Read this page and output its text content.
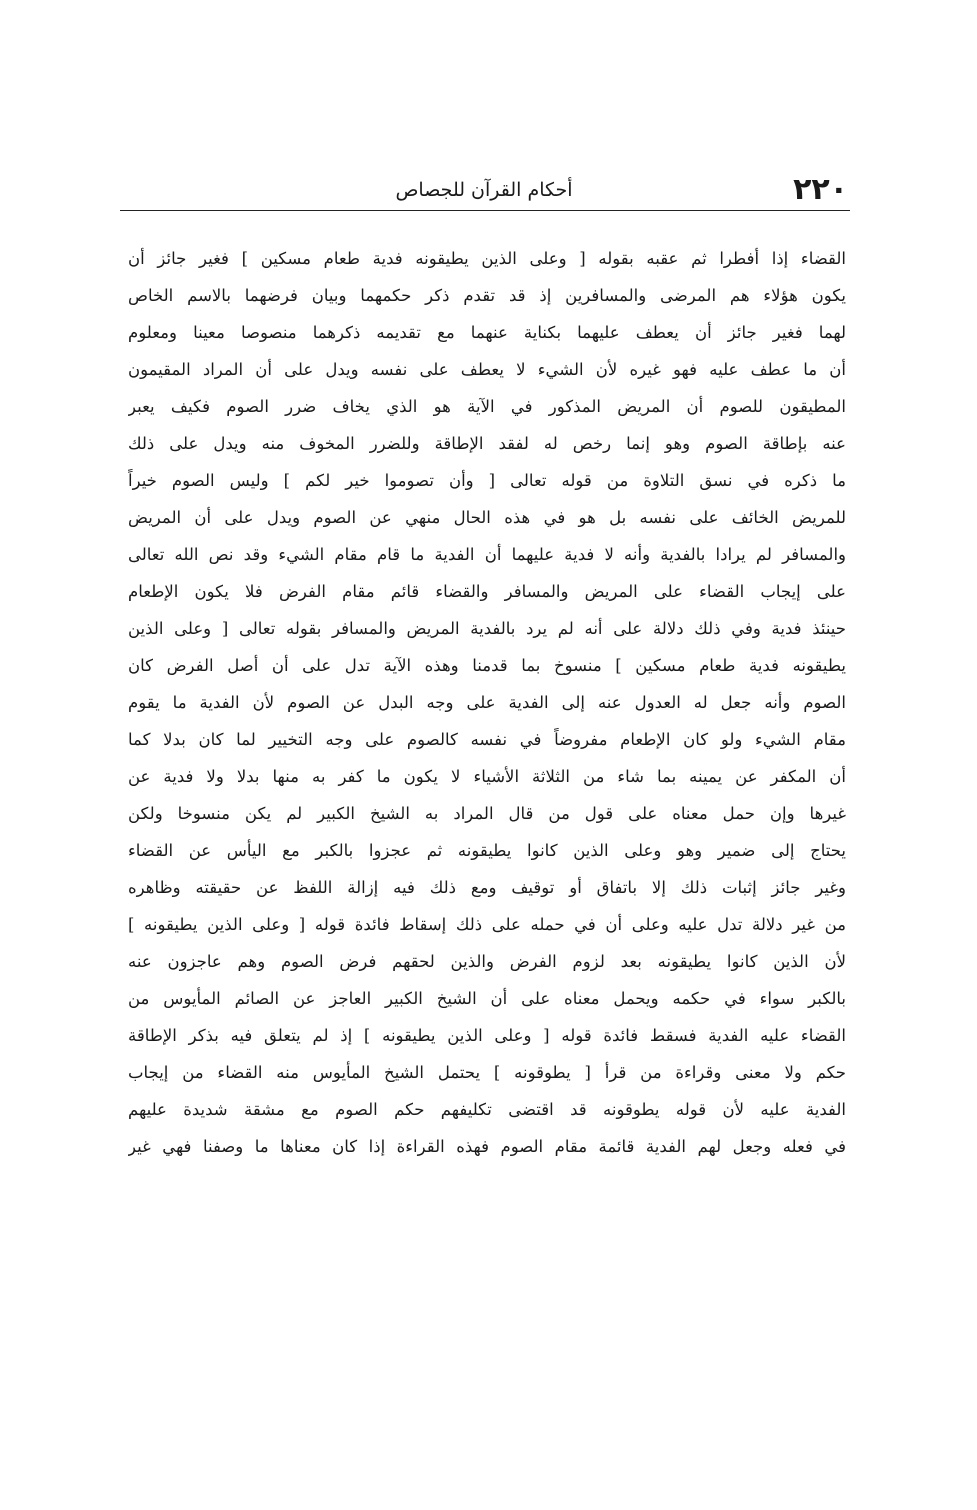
٢٢٠
أحكام القرآن للجصاص
القضاء إذا أفطرا ثم عقبه بقوله [ وعلى الذين يطيقونه فدية طعام مسكين ] فغير جائز أن
يكون هؤلاء هم المرضى والمسافرين إذ قد تقدم ذكر حكمهما وبيان فرضهما بالاسم الخاص
لهما فغير جائز أن يعطف عليهما بكناية عنهما مع تقديمه ذكرهما منصوصا معينا ومعلوم
أن ما عطف عليه فهو غيره لأن الشيء لا يعطف على نفسه ويدل على أن المراد المقيمون
المطيقون للصوم أن المريض المذكور في الآية هو الذي يخاف ضرر الصوم فكيف يعبر
عنه بإطاقة الصوم وهو إنما رخص له لفقد الإطاقة وللضرر المخوف منه ويدل على ذلك
ما ذكره في نسق التلاوة من قوله تعالى [ وأن تصوموا خير لكم ] وليس الصوم خيراً
للمريض الخائف على نفسه بل هو في هذه الحال منهي عن الصوم ويدل على أن المريض
والمسافر لم يرادا بالفدية وأنه لا فدية عليهما أن الفدية ما قام مقام الشيء وقد نص الله تعالى
على إيجاب القضاء على المريض والمسافر والقضاء قائم مقام الفرض فلا يكون الإطعام
حينئذ فدية وفي ذلك دلالة على أنه لم يرد بالفدية المريض والمسافر بقوله تعالى [ وعلى الذين
يطيقونه فدية طعام مسكين ] منسوخ بما قدمنا وهذه الآية تدل على أن أصل الفرض كان
الصوم وأنه جعل له العدول عنه إلى الفدية على وجه البدل عن الصوم لأن الفدية ما يقوم
مقام الشيء ولو كان الإطعام مفروضاً في نفسه كالصوم على وجه التخيير لما كان بدلا كما
أن المكفر عن يمينه بما شاء من الثلاثة الأشياء لا يكون ما كفر به منها بدلا ولا فدية عن
غيرها وإن حمل معناه على قول من قال المراد به الشيخ الكبير لم يكن منسوخا ولكن
يحتاج إلى ضمير وهو وعلى الذين كانوا يطيقونه ثم عجزوا بالكبر مع اليأس عن القضاء
وغير جائز إثبات ذلك إلا باتفاق أو توقيف ومع ذلك فيه إزالة اللفظ عن حقيقته وظاهره
من غير دلالة تدل عليه وعلى أن في حمله على ذلك إسقاط فائدة قوله [ وعلى الذين يطيقونه ]
لأن الذين كانوا يطيقونه بعد لزوم الفرض والذين لحقهم فرض الصوم وهم عاجزون عنه
بالكبر سواء في حكمه ويحمل معناه على أن الشيخ الكبير العاجز عن الصائم المأيوس من
القضاء عليه الفدية فسقط فائدة قوله [ وعلى الذين يطيقونه ] إذ لم يتعلق فيه بذكر الإطاقة
حكم ولا معنى وقراءة من قرأ [ يطوقونه ] يحتمل الشيخ المأيوس منه القضاء من إيجاب
الفدية عليه لأن قوله يطوقونه قد اقتضى تكليفهم حكم الصوم مع مشقة شديدة عليهم
في فعله وجعل لهم الفدية قائمة مقام الصوم فهذه القراءة إذا كان معناها ما وصفنا فهي غير
